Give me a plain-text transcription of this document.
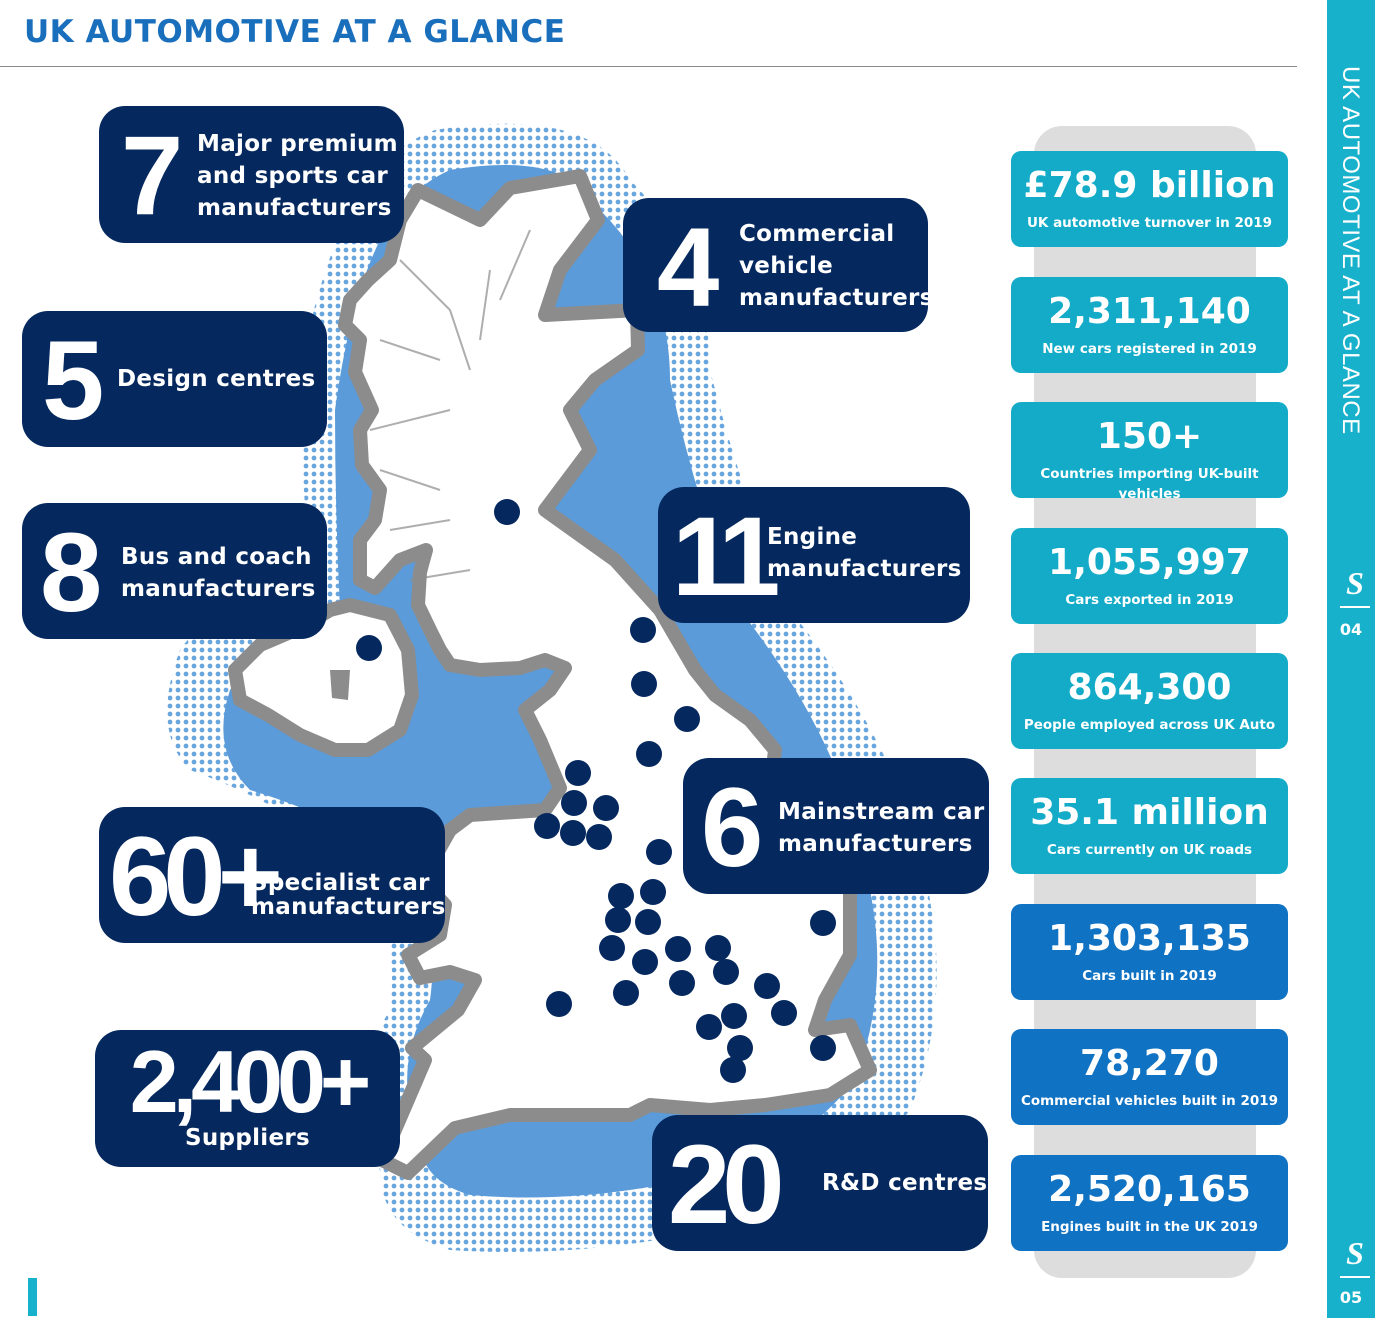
UK AUTOMOTIVE AT A GLANCE
UK AUTOMOTIVE AT A GLANCE
S
04
S
05
7 Major premium
and sports car
manufacturers 4 Commercial
vehicle
manufacturers
5 Design centres
8 Bus and coach
manufacturers	11
Engine
manufacturers
6 Mainstream car
manufacturers
60+
Specialist car
manufacturers
2,400+
Suppliers	20 R&D centres
£78.9 billion
UK automotive turnover in 2019
2,311,140
New cars registered in 2019
150+
Countries importing UK-built vehicles
1,055,997
Cars exported in 2019
864,300
People employed across UK Auto
35.1 million
Cars currently on UK roads
1,303,135
Cars built in 2019
78,270
Commercial vehicles built in 2019
2,520,165
Engines built in the UK 2019
